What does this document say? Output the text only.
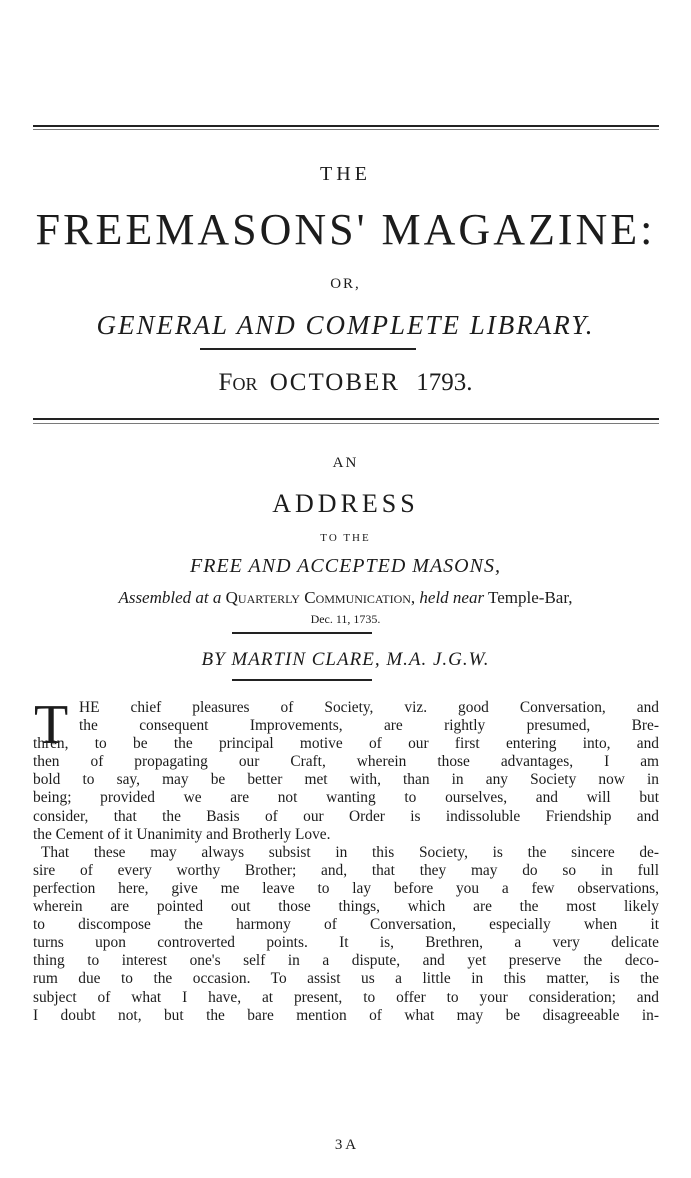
THE
FREEMASONS' MAGAZINE:
OR,
GENERAL AND COMPLETE LIBRARY.
For OCTOBER 1793.
AN
ADDRESS
TO THE
FREE AND ACCEPTED MASONS,
Assembled at a Quarterly Communication, held near Temple-Bar,
Dec. 11, 1735.
BY MARTIN CLARE, M.A. J.G.W.
T HE chief pleasures of Society, viz. good Conversation, and
the consequent Improvements, are rightly presumed, Bre-
thren, to be the principal motive of our first entering into, and
then of propagating our Craft, wherein those advantages, I am
bold to say, may be better met with, than in any Society now in
being; provided we are not wanting to ourselves, and will but
consider, that the Basis of our Order is indissoluble Friendship and
the Cement of it Unanimity and Brotherly Love.
That these may always subsist in this Society, is the sincere de-
sire of every worthy Brother; and, that they may do so in full
perfection here, give me leave to lay before you a few observations,
wherein are pointed out those things, which are the most likely
to discompose the harmony of Conversation, especially when it
turns upon controverted points. It is, Brethren, a very delicate
thing to interest one's self in a dispute, and yet preserve the deco-
rum due to the occasion. To assist us a little in this matter, is the
subject of what I have, at present, to offer to your consideration; and
I doubt not, but the bare mention of what may be disagreeable in-
3 A
